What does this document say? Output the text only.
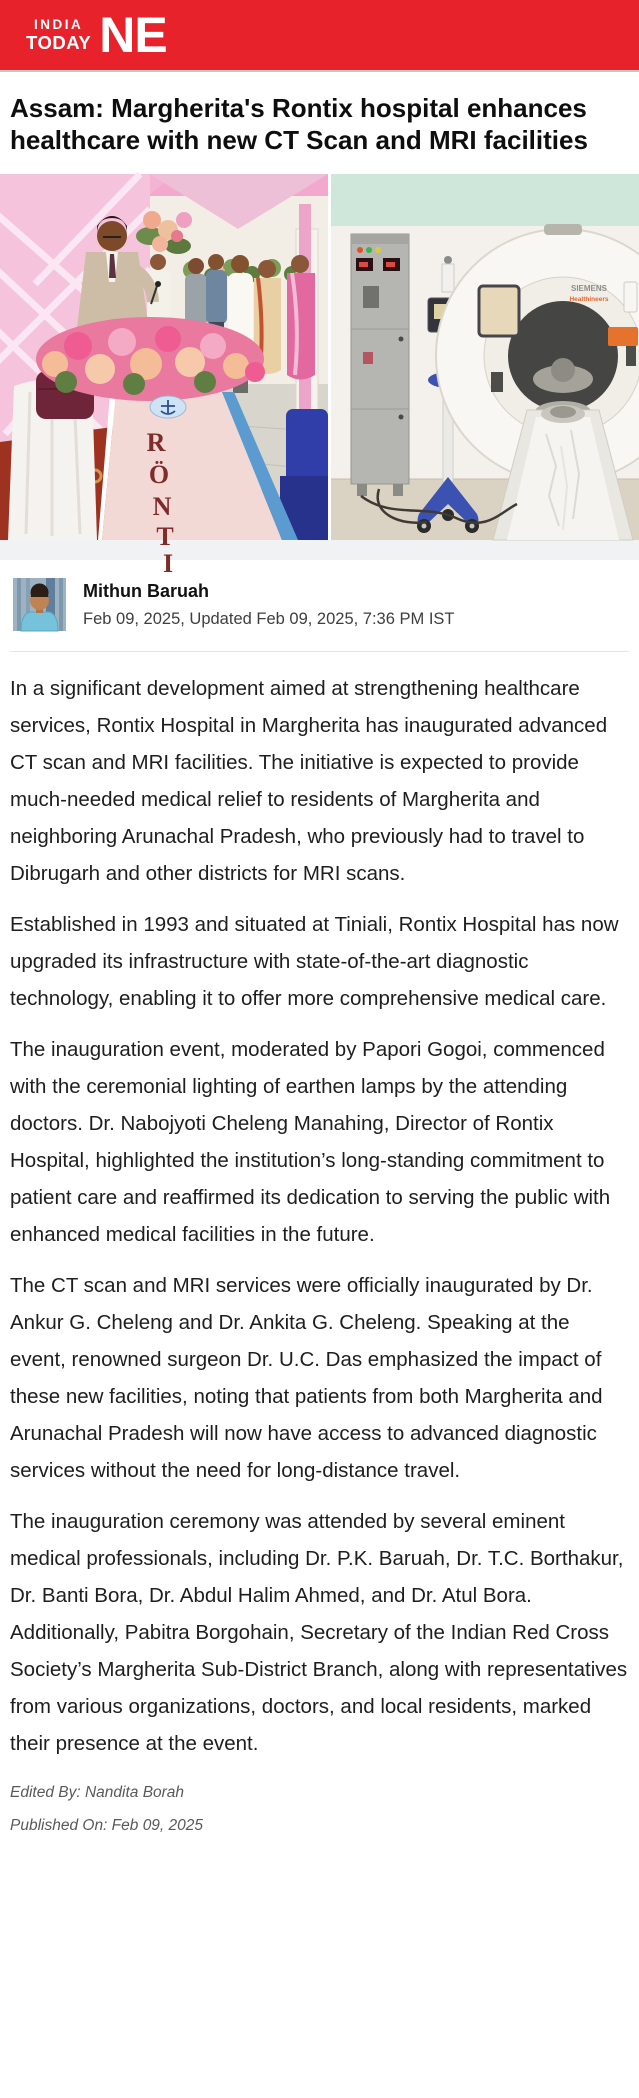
INDIA
TODAY NE
Assam: Margherita's Rontix hospital enhances healthcare with new CT Scan and MRI facilities
R
Ö
N
T
I
SIEMENS
Healthineers
Mithun Baruah
Feb 09, 2025, Updated Feb 09, 2025, 7:36 PM IST

In a significant development aimed at strengthening healthcare services, Rontix Hospital in Margherita has inaugurated advanced CT scan and MRI facilities. The initiative is expected to provide much-needed medical relief to residents of Margherita and neighboring Arunachal Pradesh, who previously had to travel to Dibrugarh and other districts for MRI scans.

Established in 1993 and situated at Tiniali, Rontix Hospital has now upgraded its infrastructure with state-of-the-art diagnostic technology, enabling it to offer more comprehensive medical care.

The inauguration event, moderated by Papori Gogoi, commenced with the ceremonial lighting of earthen lamps by the attending doctors. Dr. Nabojyoti Cheleng Manahing, Director of Rontix Hospital, highlighted the institution’s long-standing commitment to patient care and reaffirmed its dedication to serving the public with enhanced medical facilities in the future.

The CT scan and MRI services were officially inaugurated by Dr. Ankur G. Cheleng and Dr. Ankita G. Cheleng. Speaking at the event, renowned surgeon Dr. U.C. Das emphasized the impact of these new facilities, noting that patients from both Margherita and Arunachal Pradesh will now have access to advanced diagnostic services without the need for long-distance travel.

The inauguration ceremony was attended by several eminent medical professionals, including Dr. P.K. Baruah, Dr. T.C. Borthakur, Dr. Banti Bora, Dr. Abdul Halim Ahmed, and Dr. Atul Bora. Additionally, Pabitra Borgohain, Secretary of the Indian Red Cross Society’s Margherita Sub-District Branch, along with representatives from various organizations, doctors, and local residents, marked their presence at the event.

Edited By: Nandita Borah
Published On: Feb 09, 2025
